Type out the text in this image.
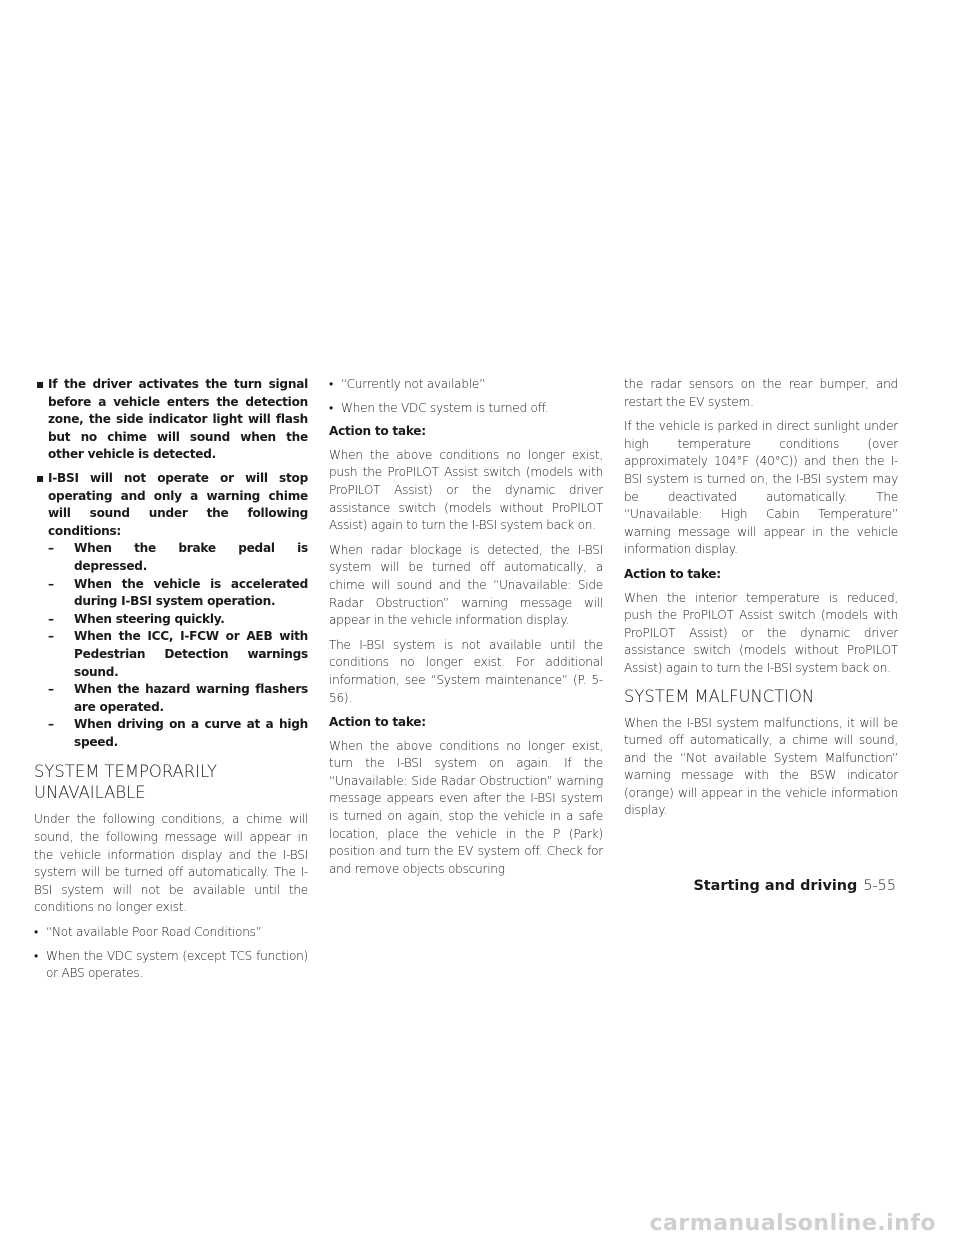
▪ If the driver activates the turn signal before a vehicle enters the detection zone, the side indicator light will flash but no chime will sound when the other vehicle is detected.
▪ I-BSI will not operate or will stop operating and only a warning chime will sound under the following conditions:
– When the brake pedal is depressed.
– When the vehicle is accelerated during I-BSI system operation.
– When steering quickly.
– When the ICC, I-FCW or AEB with Pedestrian Detection warnings sound.
– When the hazard warning flashers are operated.
– When driving on a curve at a high speed.
SYSTEM TEMPORARILY UNAVAILABLE

Under the following conditions, a chime will sound, the following message will appear in the vehicle information display and the I-BSI system will be turned off automatically. The I-BSI system will not be available until the conditions no longer exist.

• “Not available Poor Road Conditions”
• When the VDC system (except TCS function) or ABS operates.
• “Currently not available”
• When the VDC system is turned off.
Action to take:

When the above conditions no longer exist, push the ProPILOT Assist switch (models with ProPILOT Assist) or the dynamic driver assistance switch (models without ProPILOT Assist) again to turn the I-BSI system back on.

When radar blockage is detected, the I-BSI system will be turned off automatically, a chime will sound and the “Unavailable: Side Radar Obstruction” warning message will appear in the vehicle information display.

The I-BSI system is not available until the conditions no longer exist. For additional information, see “System maintenance” (P. 5-56).

Action to take:

When the above conditions no longer exist, turn the I-BSI system on again. If the “Unavailable: Side Radar Obstruction” warning message appears even after the I-BSI system is turned on again, stop the vehicle in a safe location, place the vehicle in the P (Park) position and turn the EV system off. Check for and remove objects obscuring

the radar sensors on the rear bumper, and restart the EV system.

If the vehicle is parked in direct sunlight under high temperature conditions (over approximately 104°F (40°C)) and then the I-BSI system is turned on, the I-BSI system may be deactivated automatically. The “Unavailable: High Cabin Temperature” warning message will appear in the vehicle information display.

Action to take:

When the interior temperature is reduced, push the ProPILOT Assist switch (models with ProPILOT Assist) or the dynamic driver assistance switch (models without ProPILOT Assist) again to turn the I-BSI system back on.

SYSTEM MALFUNCTION

When the I-BSI system malfunctions, it will be turned off automatically, a chime will sound, and the “Not available System Malfunction” warning message with the BSW indicator (orange) will appear in the vehicle information display.

Starting and driving 5-55
carmanualsonline.info
